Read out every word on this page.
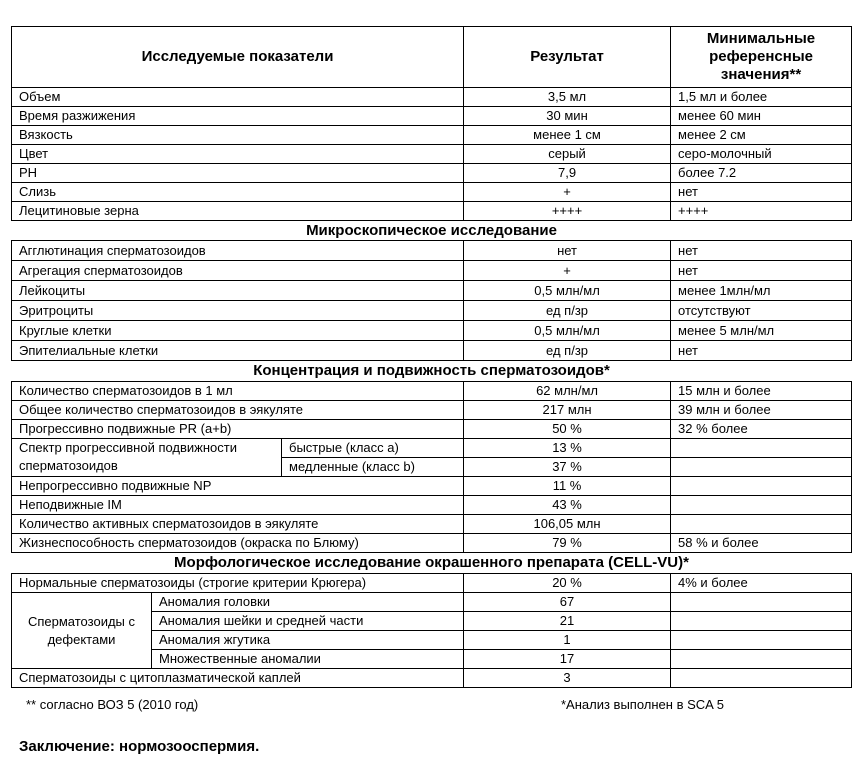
Исследуемые показатели			Результат	Минимальные референсные значения**
Объем			3,5 мл	1,5 мл и более
Время разжижения			30 мин	менее 60 мин
Вязкость			менее 1 см	менее 2 см
Цвет			серый	серо-молочный
PH			7,9	более 7.2
Слизь			+	нет
Лецитиновые зерна			++++	++++
Микроскопическое исследование				
Агглютинация сперматозоидов			нет	нет
Агрегация сперматозоидов			+	нет
Лейкоциты			0,5 млн/мл	менее 1млн/мл
Эритроциты			ед п/зр	отсутствуют
Круглые клетки			0,5 млн/мл	менее 5 млн/мл
Эпителиальные клетки			ед п/зр	нет
Концентрация и подвижность сперматозоидов*				
Количество сперматозоидов в 1 мл			62 млн/мл	15 млн и более
Общее количество сперматозоидов в эякуляте			217 млн	39 млн и более
Прогрессивно подвижные PR (a+b)			50 %	32 % более
Спектр прогрессивной подвижности сперматозоидов		быстрые (класс a)	13 %	
		медленные (класс b)	37 %	
Непрогрессивно подвижные NP			11 %	
Неподвижные IM			43 %	
Количество активных сперматозоидов в эякуляте			106,05 млн	
Жизнеспособность сперматозоидов (окраска по Блюму)			79 %	58 % и более
Морфологическое исследование окрашенного препарата (CELL-VU)*				
Нормальные сперматозоиды (строгие критерии Крюгера)			20 %	4% и более
Сперматозоиды с дефектами	Аномалия головки		67	
	Аномалия шейки и средней части		21	
	Аномалия жгутика		1	
	Множественные аномалии		17	
Сперматозоиды с цитоплазматической каплей			3	
** согласно ВОЗ 5 (2010 год)	*Анализ выполнен в SCA 5
Заключение: нормозооспермия.
